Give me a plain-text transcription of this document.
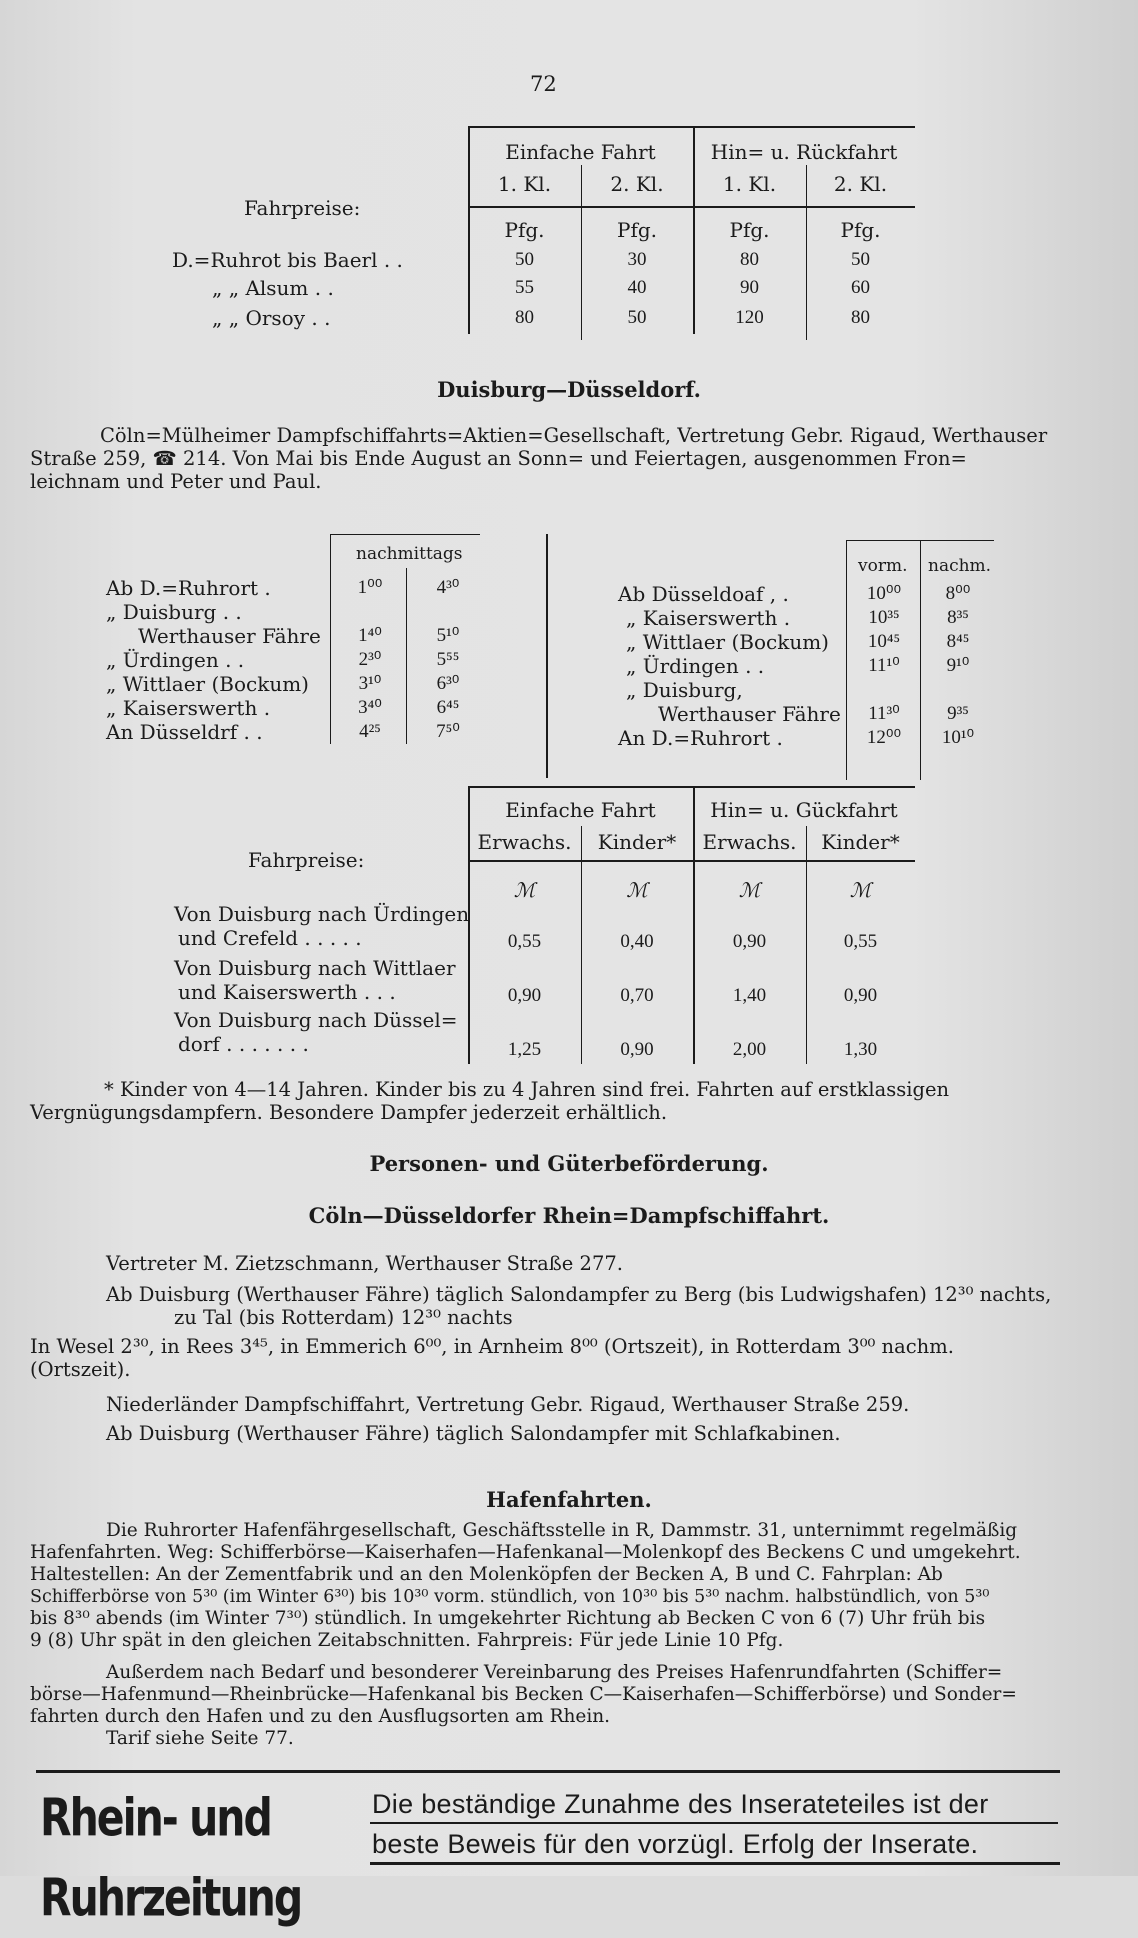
72
Einfache Fahrt	Hin= u. Rückfahrt
1. Kl.	2. Kl.	1. Kl.	2. Kl.
Fahrpreise:
Pfg.	Pfg.	Pfg.	Pfg.
D.=Ruhrot bis Baerl . .	50	30	80	50
„ „ Alsum . .	55	40	90	60
„ „ Orsoy . .	80	50	120	80
Duisburg—Düsseldorf.
Cöln=Mülheimer Dampfschiffahrts=Aktien=Gesellschaft, Vertretung Gebr. Rigaud, Werthauser
Straße 259, ☎ 214. Von Mai bis Ende August an Sonn= und Feiertagen, ausgenommen Fron=
leichnam und Peter und Paul.
nachmittags
Ab D.=Ruhrort .	1⁰⁰	4³⁰
„ Duisburg . .
Werthauser Fähre	1⁴⁰	5¹⁰
„ Ürdingen . .	2³⁰	5⁵⁵
„ Wittlaer (Bockum)	3¹⁰	6³⁰
„ Kaiserswerth .	3⁴⁰	6⁴⁵
An Düsseldrf . .	4²⁵	7⁵⁰
vorm. nachm.
Ab Düsseldoaf , .	10⁰⁰	8⁰⁰
„ Kaiserswerth .	10³⁵	8³⁵
„ Wittlaer (Bockum)	10⁴⁵	8⁴⁵
„ Ürdingen . .	11¹⁰	9¹⁰
„ Duisburg,
Werthauser Fähre	11³⁰	9³⁵
An D.=Ruhrort .	12⁰⁰	10¹⁰
Einfache Fahrt	Hin= u. Gückfahrt
Erwachs.	Kinder*	Erwachs.	Kinder*
Fahrpreise:
ℳ	ℳ	ℳ	ℳ
Von Duisburg nach Ürdingen
und Crefeld . . . . .	0,55	0,40	0,90	0,55
Von Duisburg nach Wittlaer
und Kaiserswerth . . .	0,90	0,70	1,40	0,90
Von Duisburg nach Düssel=
dorf . . . . . . .	1,25	0,90	2,00	1,30
* Kinder von 4—14 Jahren. Kinder bis zu 4 Jahren sind frei. Fahrten auf erstklassigen
Vergnügungsdampfern. Besondere Dampfer jederzeit erhältlich.
Personen- und Güterbeförderung.
Cöln—Düsseldorfer Rhein=Dampfschiffahrt.
Vertreter M. Zietzschmann, Werthauser Straße 277.
Ab Duisburg (Werthauser Fähre) täglich Salondampfer zu Berg (bis Ludwigshafen) 12³⁰ nachts,
zu Tal (bis Rotterdam) 12³⁰ nachts
In Wesel 2³⁰, in Rees 3⁴⁵, in Emmerich 6⁰⁰, in Arnheim 8⁰⁰ (Ortszeit), in Rotterdam 3⁰⁰ nachm.
(Ortszeit).
Niederländer Dampfschiffahrt, Vertretung Gebr. Rigaud, Werthauser Straße 259.
Ab Duisburg (Werthauser Fähre) täglich Salondampfer mit Schlafkabinen.
Hafenfahrten.
Die Ruhrorter Hafenfährgesellschaft, Geschäftsstelle in R, Dammstr. 31, unternimmt regelmäßig
Hafenfahrten. Weg: Schifferbörse—Kaiserhafen—Hafenkanal—Molenkopf des Beckens C und umgekehrt.
Haltestellen: An der Zementfabrik und an den Molenköpfen der Becken A, B und C. Fahrplan: Ab
Schifferbörse von 5³⁰ (im Winter 6³⁰) bis 10³⁰ vorm. stündlich, von 10³⁰ bis 5³⁰ nachm. halbstündlich, von 5³⁰
bis 8³⁰ abends (im Winter 7³⁰) stündlich. In umgekehrter Richtung ab Becken C von 6 (7) Uhr früh bis
9 (8) Uhr spät in den gleichen Zeitabschnitten. Fahrpreis: Für jede Linie 10 Pfg.
Außerdem nach Bedarf und besonderer Vereinbarung des Preises Hafenrundfahrten (Schiffer=
börse—Hafenmund—Rheinbrücke—Hafenkanal bis Becken C—Kaiserhafen—Schifferbörse) und Sonder=
fahrten durch den Hafen und zu den Ausflugsorten am Rhein.
Tarif siehe Seite 77.
Rhein- und Ruhrzeitung
Die beständige Zunahme des Inserateteiles ist der
beste Beweis für den vorzügl. Erfolg der Inserate.
